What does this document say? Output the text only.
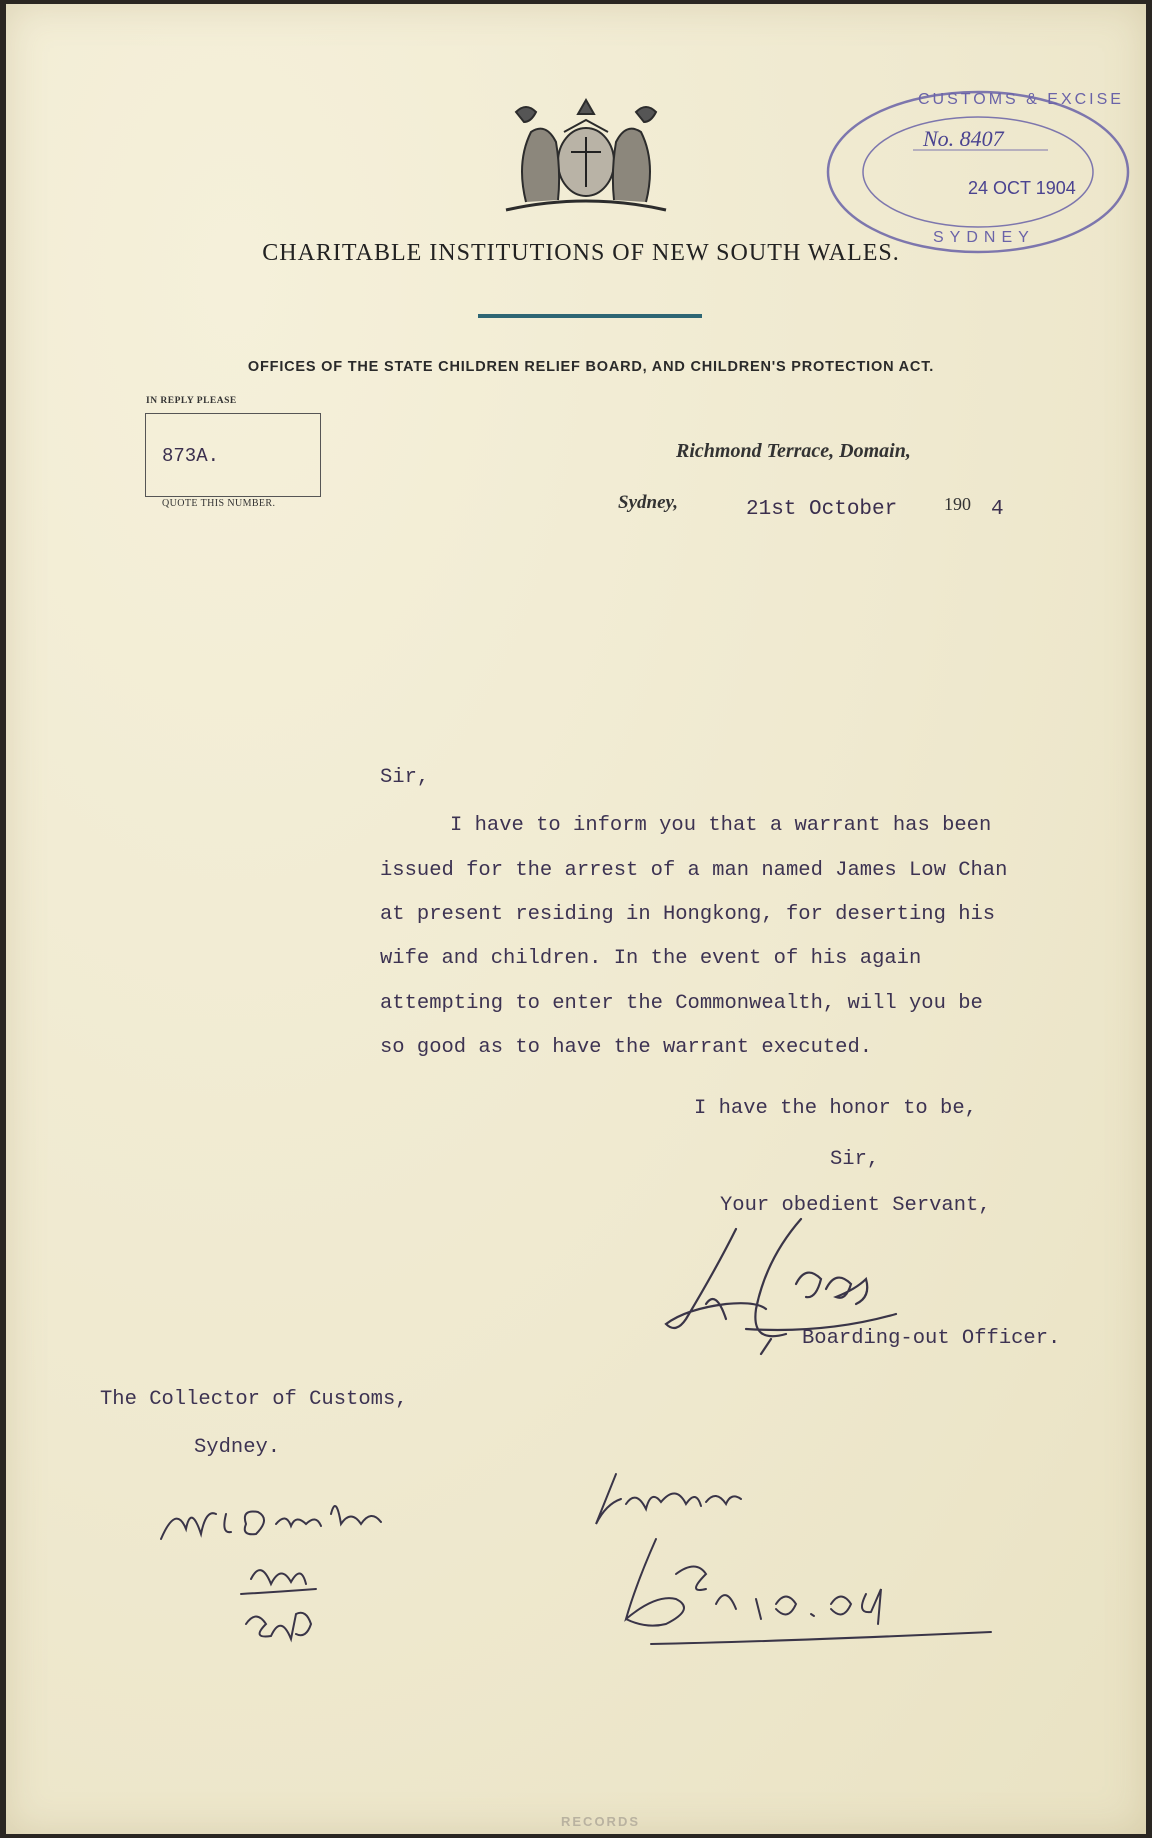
No. 8407
24 OCT 1904
CUSTOMS & EXCISE
SYDNEY
CHARITABLE INSTITUTIONS OF NEW SOUTH WALES.
OFFICES OF THE STATE CHILDREN RELIEF BOARD, AND CHILDREN'S PROTECTION ACT.
IN REPLY PLEASE
873A.
QUOTE THIS NUMBER.
Richmond Terrace, Domain,
Sydney,	21st October	190 4
Sir,
I have to inform you that a warrant has been
issued for the arrest of a man named James Low Chan
at present residing in Hongkong, for deserting his
wife and children. In the event of his again
attempting to enter the Commonwealth, will you be
so good as to have the warrant executed.
I have the honor to be,
Sir,
Your obedient Servant,
Boarding-out Officer.
The Collector of Customs,
Sydney.
RECORDS
